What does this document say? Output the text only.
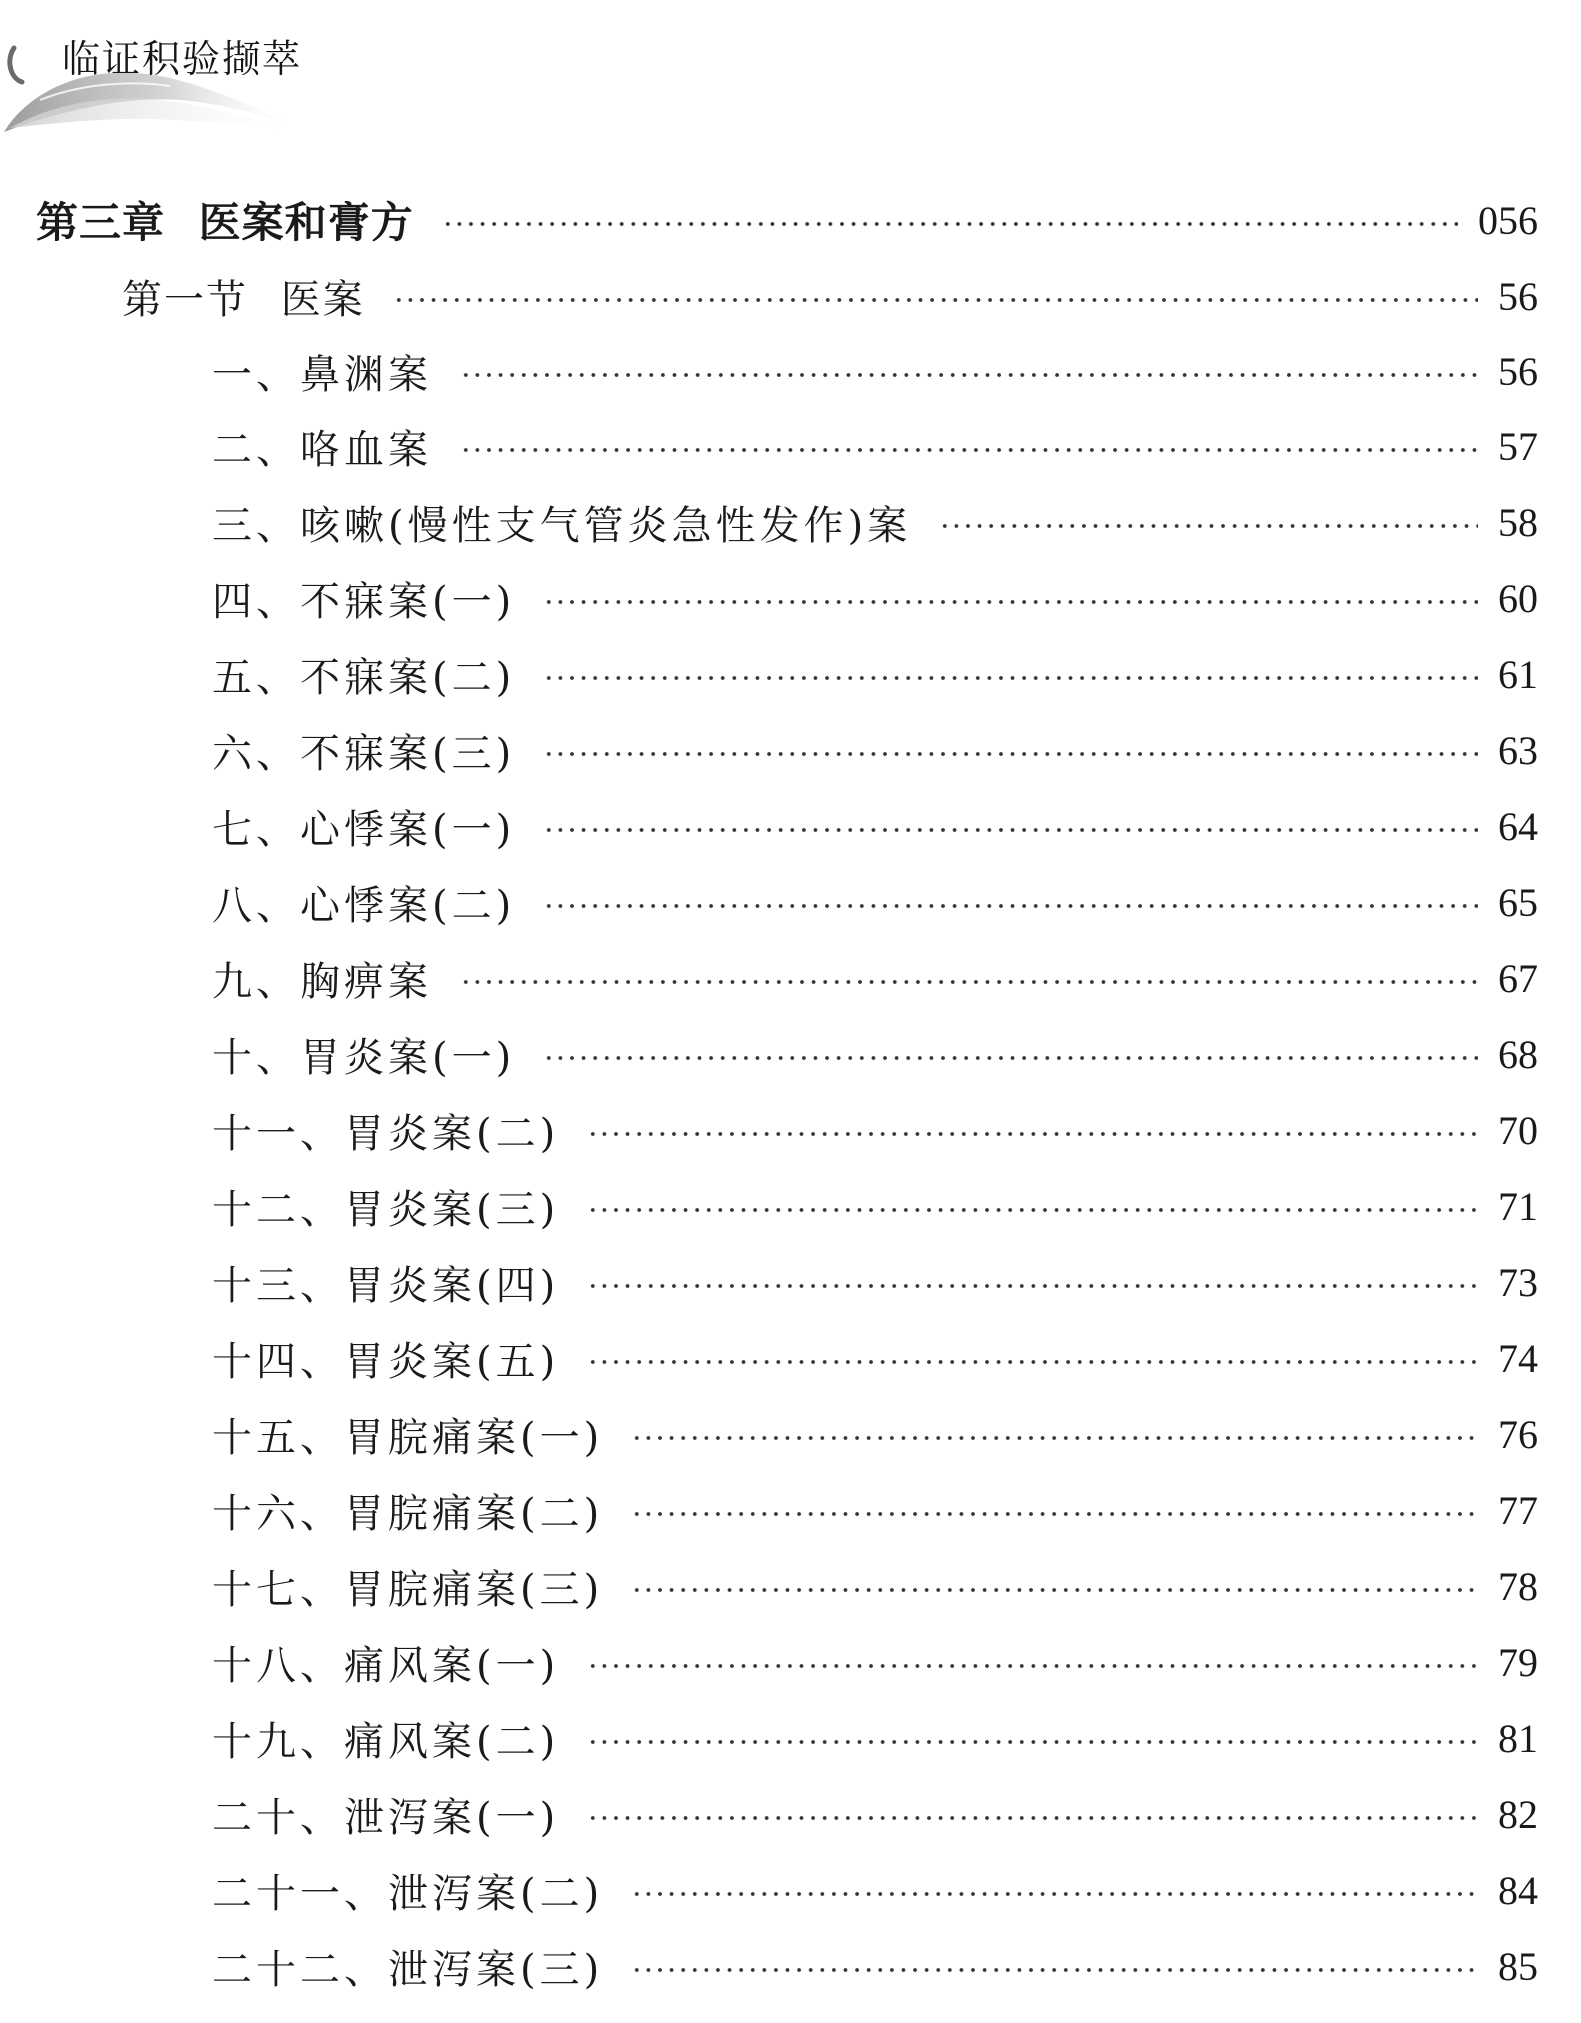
临证积验撷萃
第三章 医案和膏方	056
第一节 医案	56
一、鼻渊案	56
二、咯血案	57
三、咳嗽(慢性支气管炎急性发作)案	58
四、不寐案(一)	60
五、不寐案(二)	61
六、不寐案(三)	63
七、心悸案(一)	64
八、心悸案(二)	65
九、胸痹案	67
十、胃炎案(一)	68
十一、胃炎案(二)	70
十二、胃炎案(三)	71
十三、胃炎案(四)	73
十四、胃炎案(五)	74
十五、胃脘痛案(一)	76
十六、胃脘痛案(二)	77
十七、胃脘痛案(三)	78
十八、痛风案(一)	79
十九、痛风案(二)	81
二十、泄泻案(一)	82
二十一、泄泻案(二)	84
二十二、泄泻案(三)	85
